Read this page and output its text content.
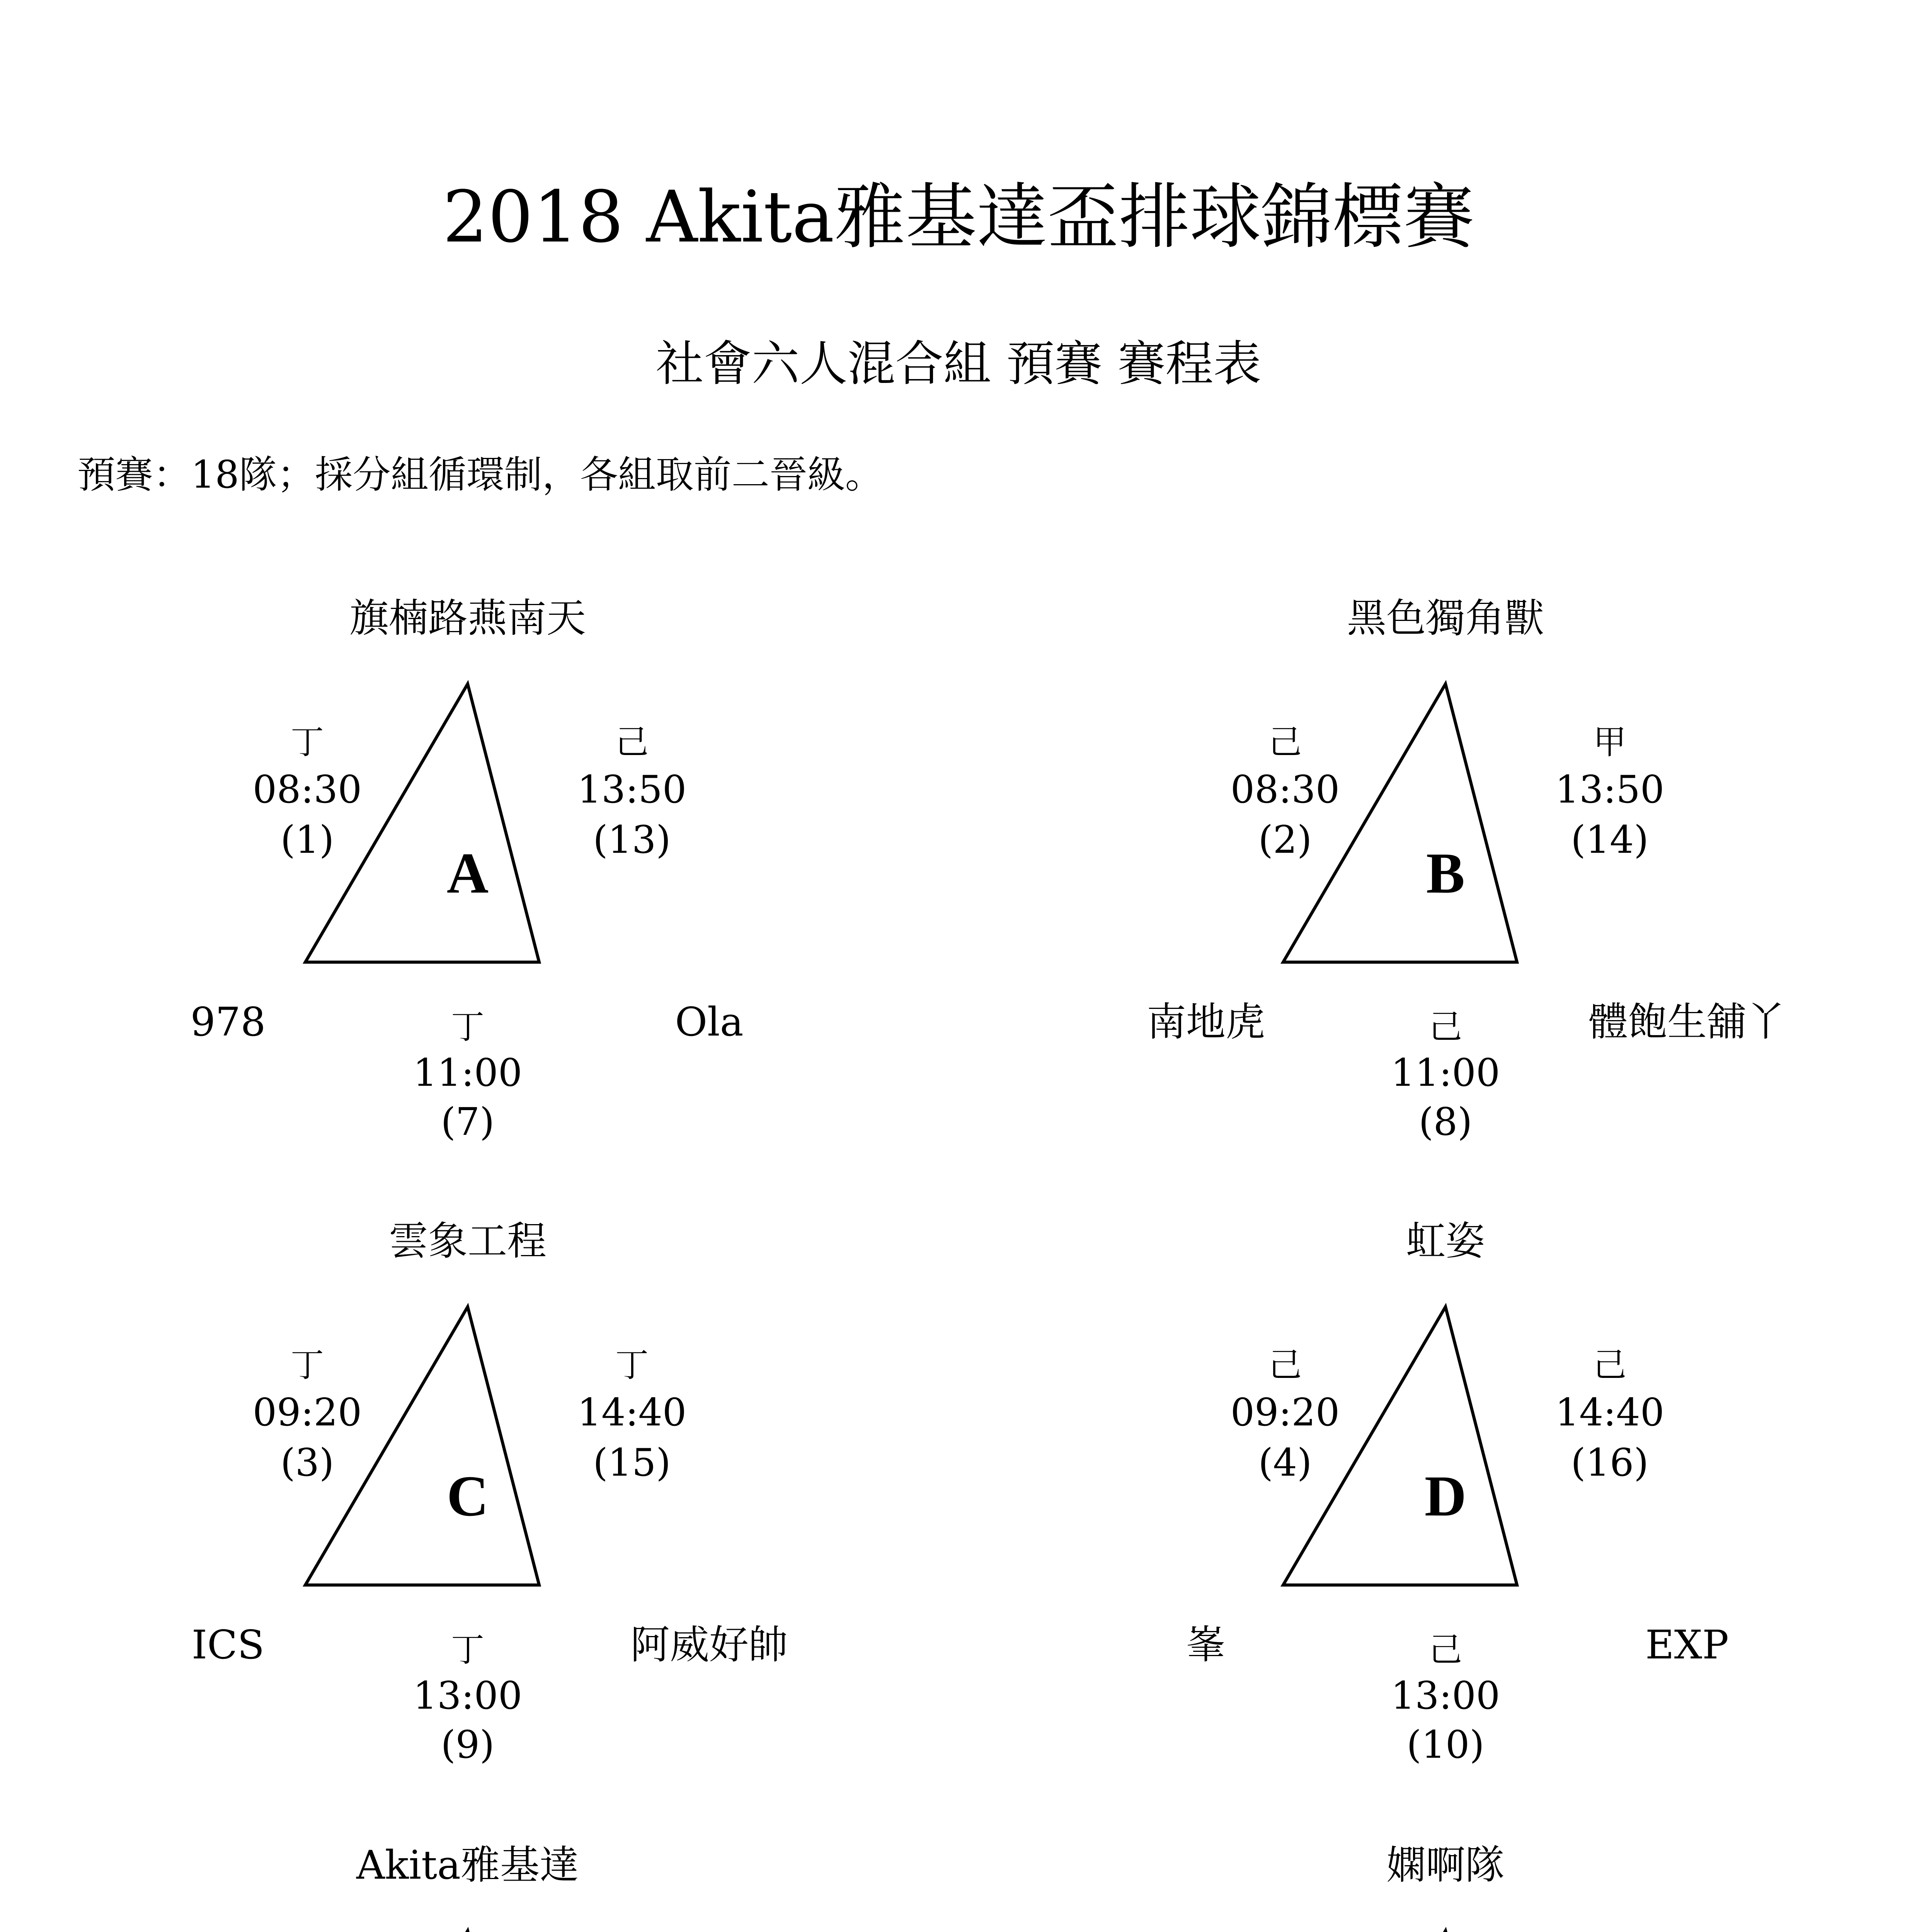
2018 Akita雅基達盃排球錦標賽
社會六人混合組 預賽 賽程表
預賽：18隊；採分組循環制，各組取前二晉級。
旗楠路燕南天
978	Ola
丁
08:30
(1)
己
13:50
(13)
A
丁
11:00
(7)
黑色獨角獸
南地虎	體飽生舖丫
己
08:30
(2)
甲
13:50
(14)
B
己
11:00
(8)
雲象工程
ICS	阿威好帥
丁
09:20
(3)
丁
14:40
(15)
C
丁
13:00
(9)
虹姿
峯	EXP
己
09:20
(4)
己
14:40
(16)
D
己
13:00
(10)
Akita雅基達	嫻啊隊
